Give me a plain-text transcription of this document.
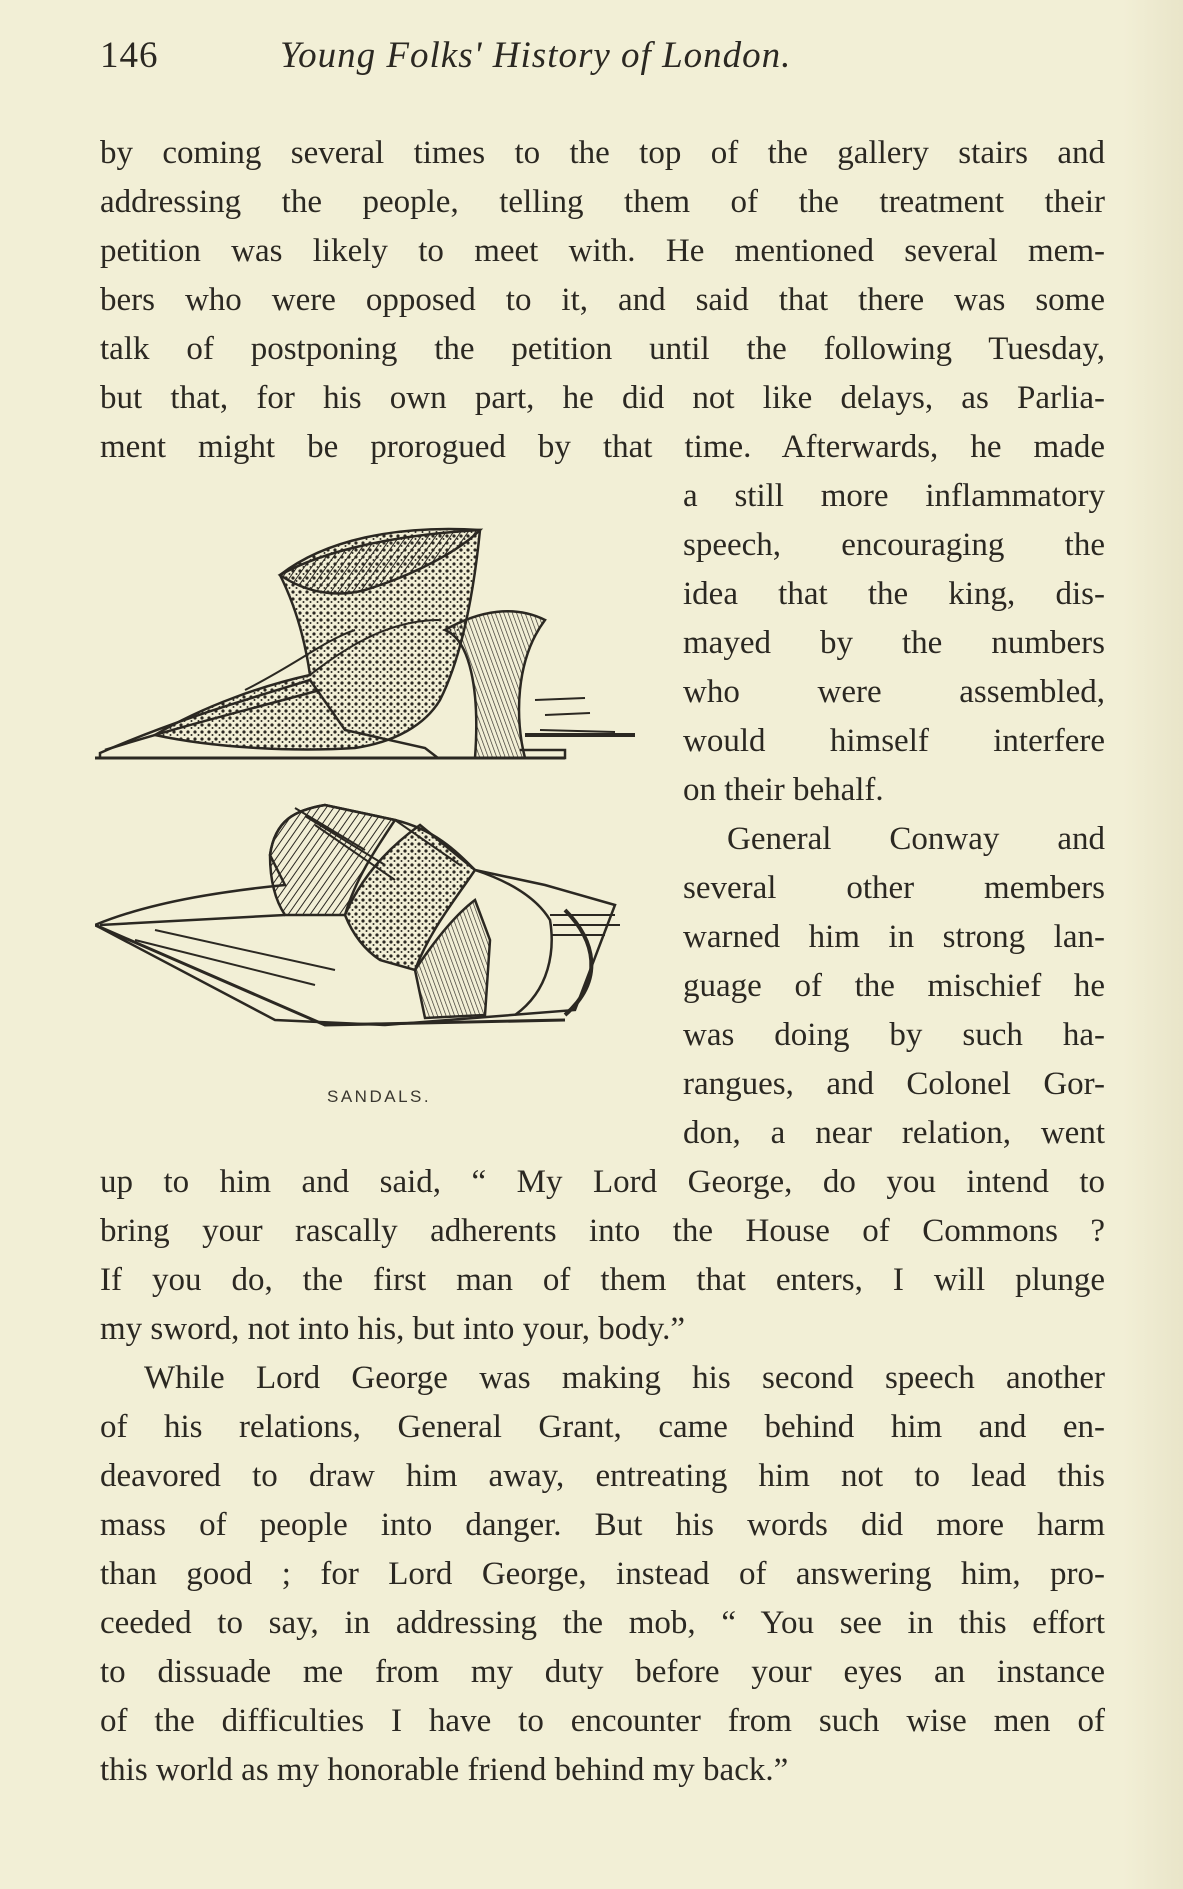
146	Young Folks' History of London.
by coming several times to the top of the gallery stairs and
addressing the people, telling them of the treatment their
petition was likely to meet with. He mentioned several mem-
bers who were opposed to it, and said that there was some
talk of postponing the petition until the following Tuesday,
but that, for his own part, he did not like delays, as Parlia-
ment might be prorogued by that time. Afterwards, he made
a still more inflammatory
speech, encouraging the
idea that the king, dis-
mayed by the numbers
who were assembled,
would himself interfere
on their behalf.
General Conway and
several other members
warned him in strong lan-
guage of the mischief he
was doing by such ha-
rangues, and Colonel Gor-
don, a near relation, went
up to him and said, “ My Lord George, do you intend to
bring your rascally adherents into the House of Commons ?
If you do, the first man of them that enters, I will plunge
my sword, not into his, but into your, body.”
While Lord George was making his second speech another
of his relations, General Grant, came behind him and en-
deavored to draw him away, entreating him not to lead this
mass of people into danger. But his words did more harm
than good ; for Lord George, instead of answering him, pro-
ceeded to say, in addressing the mob, “ You see in this effort
to dissuade me from my duty before your eyes an instance
of the difficulties I have to encounter from such wise men of
this world as my honorable friend behind my back.”
SANDALS.
